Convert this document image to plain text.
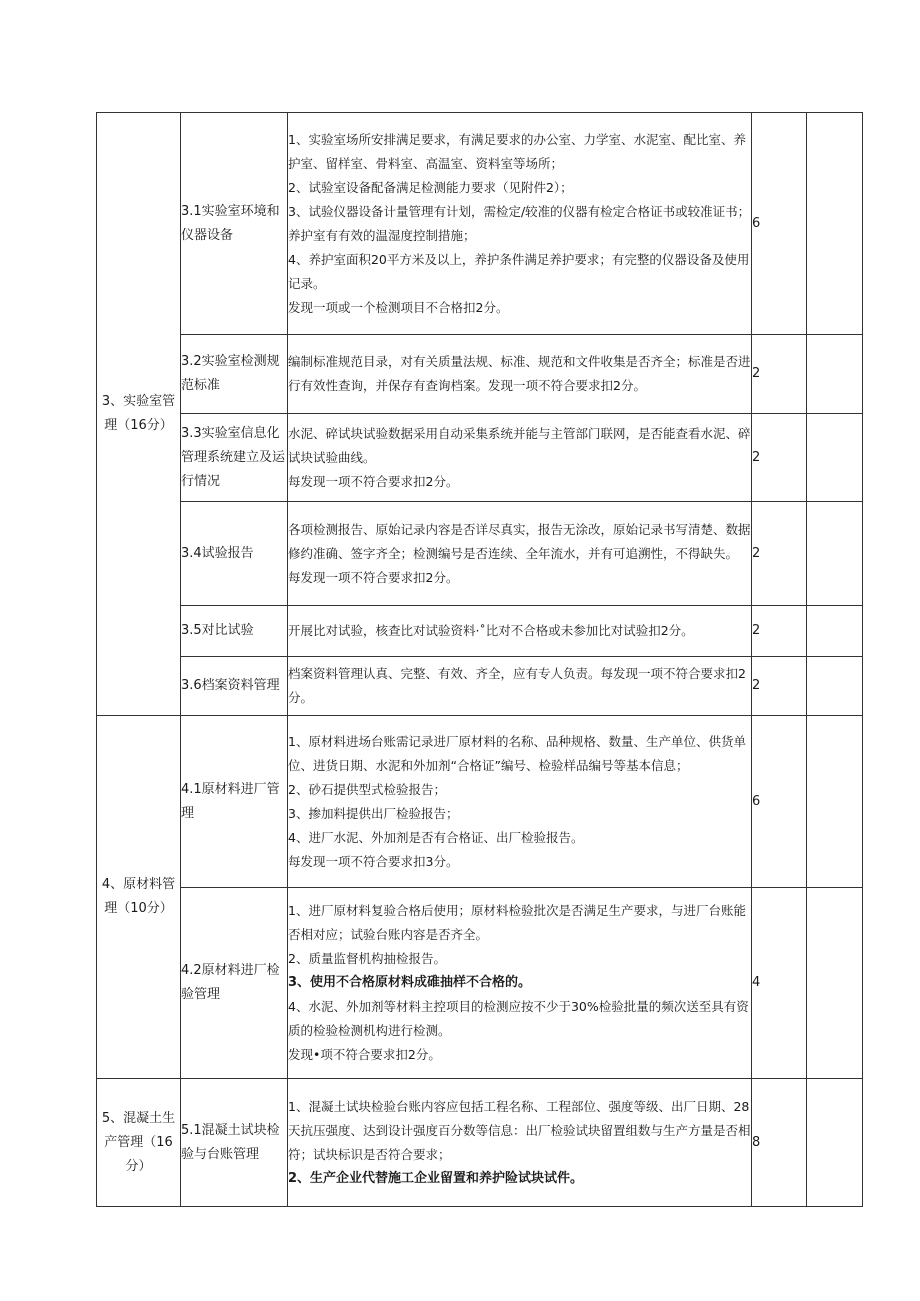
3、实验室管理（16分）	3.1实验室环境和仪器设备	1、实验室场所安排满足要求，有满足要求的办公室、力学室、水泥室、配比室、养护室、留样室、骨料室、高温室、资料室等场所；

2、试验室设备配备满足检测能力要求（见附件2）；

3、试验仪器设备计量管理有计划，需检定/较准的仪器有检定合格证书或较准证书；养护室有有效的温湿度控制措施；

4、养护室面积20平方米及以上，养护条件满足养护要求；有完整的仪器设备及使用记录。

发现一项或一个检测项目不合格扣2分。	6	
	3.2实验室检测规范标准	编制标准规范目录，对有关质量法规、标准、规范和文件收集是否齐全；标准是否进行有效性查询，并保存有查询档案。发现一项不符合要求扣2分。	2	
	3.3实验室信息化管理系统建立及运行情况	水泥、碎试块试验数据采用自动采集系统并能与主管部门联网，是否能查看水泥、碎试块试验曲线。

每发现一项不符合要求扣2分。	2	
	3.4试验报告	各项检测报告、原始记录内容是否详尽真实，报告无涂改，原始记录书写清楚、数据修约准确、签字齐全；检测编号是否连续、全年流水，并有可追溯性，不得缺失。

每发现一项不符合要求扣2分。	2	
	3.5对比试验	开展比对试验，核查比对试验资料·˚比对不合格或未参加比对试验扣2分。	2	
	3.6档案资料管理	档案资料管理认真、完整、有效、齐全，应有专人负责。每发现一项不符合要求扣2分。	2	
4、原材料管理（10分）	4.1原材料进厂管理	1、原材料进场台账需记录进厂原材料的名称、品种规格、数量、生产单位、供货单位、进货日期、水泥和外加剂“合格证”编号、检验样品编号等基本信息；

2、砂石提供型式检验报告；

3、掺加料提供出厂检验报告；

4、进厂水泥、外加剂是否有合格证、出厂检验报告。

每发现一项不符合要求扣3分。	6	
	4.2原材料进厂检验管理	1、进厂原材料复验合格后使用；原材料检验批次是否满足生产要求，与进厂台账能否相对应；试验台账内容是否齐全。

2、质量监督机构抽检报告。

3、使用不合格原材料成碓抽样不合格的。

4、水泥、外加剂等材料主控项目的检测应按不少于30%检验批量的频次送至具有资质的检验检测机构进行检测。

发现•项不符合要求扣2分。	4	
5、混凝土生产管理（16分）	5.1混凝土试块检验与台账管理	1、混凝土试块检验台账内容应包括工程名称、工程部位、强度等级、出厂日期、28天抗压强度、达到设计强度百分数等信息：出厂检验试块留置组数与生产方量是否相符；试块标识是否符合要求；

2、生产企业代替施工企业留置和养护险试块试件。	8	
